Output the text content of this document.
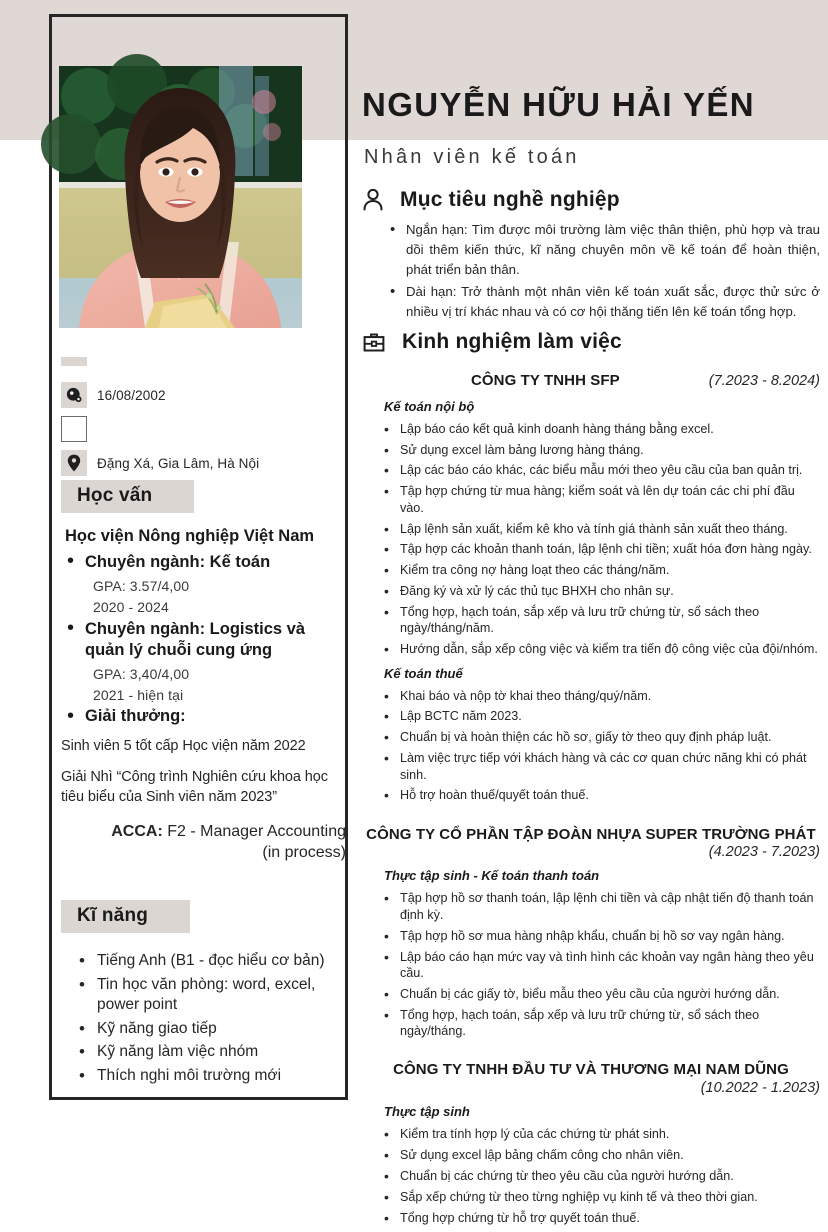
16/08/2002
Đặng Xá, Gia Lâm, Hà Nội
Học vấn
Học viện Nông nghiệp Việt Nam
• Chuyên ngành: Kế toán
GPA: 3.57/4,00
2020 - 2024
• Chuyên ngành: Logistics và quản lý chuỗi cung ứng
GPA: 3,40/4,00
2021 - hiện tại
• Giải thưởng:
Sinh viên 5 tốt cấp Học viện năm 2022
Giải Nhì “Công trình Nghiên cứu khoa học tiêu biểu của Sinh viên năm 2023”
ACCA: F2 - Manager Accounting
(in process)
Kĩ năng
• Tiếng Anh (B1 - đọc hiểu cơ bản)
• Tin học văn phòng: word, excel, power point
• Kỹ năng giao tiếp
• Kỹ năng làm việc nhóm
• Thích nghi môi trường mới
NGUYỄN HỮU HẢI YẾN
Nhân viên kế toán
Mục tiêu nghề nghiệp
• Ngắn hạn: Tìm được môi trường làm việc thân thiện, phù hợp và trau dồi thêm kiến thức, kĩ năng chuyên môn về kế toán để hoàn thiện, phát triển bản thân.
• Dài hạn: Trở thành một nhân viên kế toán xuất sắc, được thử sức ở nhiều vị trí khác nhau và có cơ hội thăng tiến lên kế toán tổng hợp.
Kinh nghiệm làm việc
CÔNG TY TNHH SFP	(7.2023 - 8.2024)
Kế toán nội bộ
• Lập báo cáo kết quả kinh doanh hàng tháng bằng excel.
• Sử dụng excel làm bảng lương hàng tháng.
• Lập các báo cáo khác, các biểu mẫu mới theo yêu cầu của ban quản trị.
• Tập hợp chứng từ mua hàng; kiểm soát và lên dự toán các chi phí đầu vào.
• Lập lệnh sản xuất, kiểm kê kho và tính giá thành sản xuất theo tháng.
• Tập hợp các khoản thanh toán, lập lệnh chi tiền; xuất hóa đơn hàng ngày.
• Kiểm tra công nợ hàng loạt theo các tháng/năm.
• Đăng ký và xử lý các thủ tục BHXH cho nhân sự.
• Tổng hợp, hạch toán, sắp xếp và lưu trữ chứng từ, sổ sách theo ngày/tháng/năm.
• Hướng dẫn, sắp xếp công việc và kiểm tra tiến độ công việc của đội/nhóm.
Kế toán thuế
• Khai báo và nộp tờ khai theo tháng/quý/năm.
• Lập BCTC năm 2023.
• Chuẩn bị và hoàn thiện các hồ sơ, giấy tờ theo quy định pháp luật.
• Làm việc trực tiếp với khách hàng và các cơ quan chức năng khi có phát sinh.
• Hỗ trợ hoàn thuế/quyết toán thuế.
CÔNG TY CỔ PHẦN TẬP ĐOÀN NHỰA SUPER TRƯỜNG PHÁT
(4.2023 - 7.2023)
Thực tập sinh - Kế toán thanh toán
• Tập hợp hồ sơ thanh toán, lập lệnh chi tiền và cập nhật tiến độ thanh toán định kỳ.
• Tập hợp hồ sơ mua hàng nhập khẩu, chuẩn bị hồ sơ vay ngân hàng.
• Lập báo cáo hạn mức vay và tình hình các khoản vay ngân hàng theo yêu cầu.
• Chuẩn bị các giấy tờ, biểu mẫu theo yêu cầu của người hướng dẫn.
• Tổng hợp, hạch toán, sắp xếp và lưu trữ chứng từ, sổ sách theo ngày/tháng.
CÔNG TY TNHH ĐẦU TƯ VÀ THƯƠNG MẠI NAM DŨNG
(10.2022 - 1.2023)
Thực tập sinh
• Kiểm tra tính hợp lý của các chứng từ phát sinh.
• Sử dụng excel lập bảng chấm công cho nhân viên.
• Chuẩn bị các chứng từ theo yêu cầu của người hướng dẫn.
• Sắp xếp chứng từ theo từng nghiệp vụ kinh tế và theo thời gian.
• Tổng hợp chứng từ hỗ trợ quyết toán thuế.
